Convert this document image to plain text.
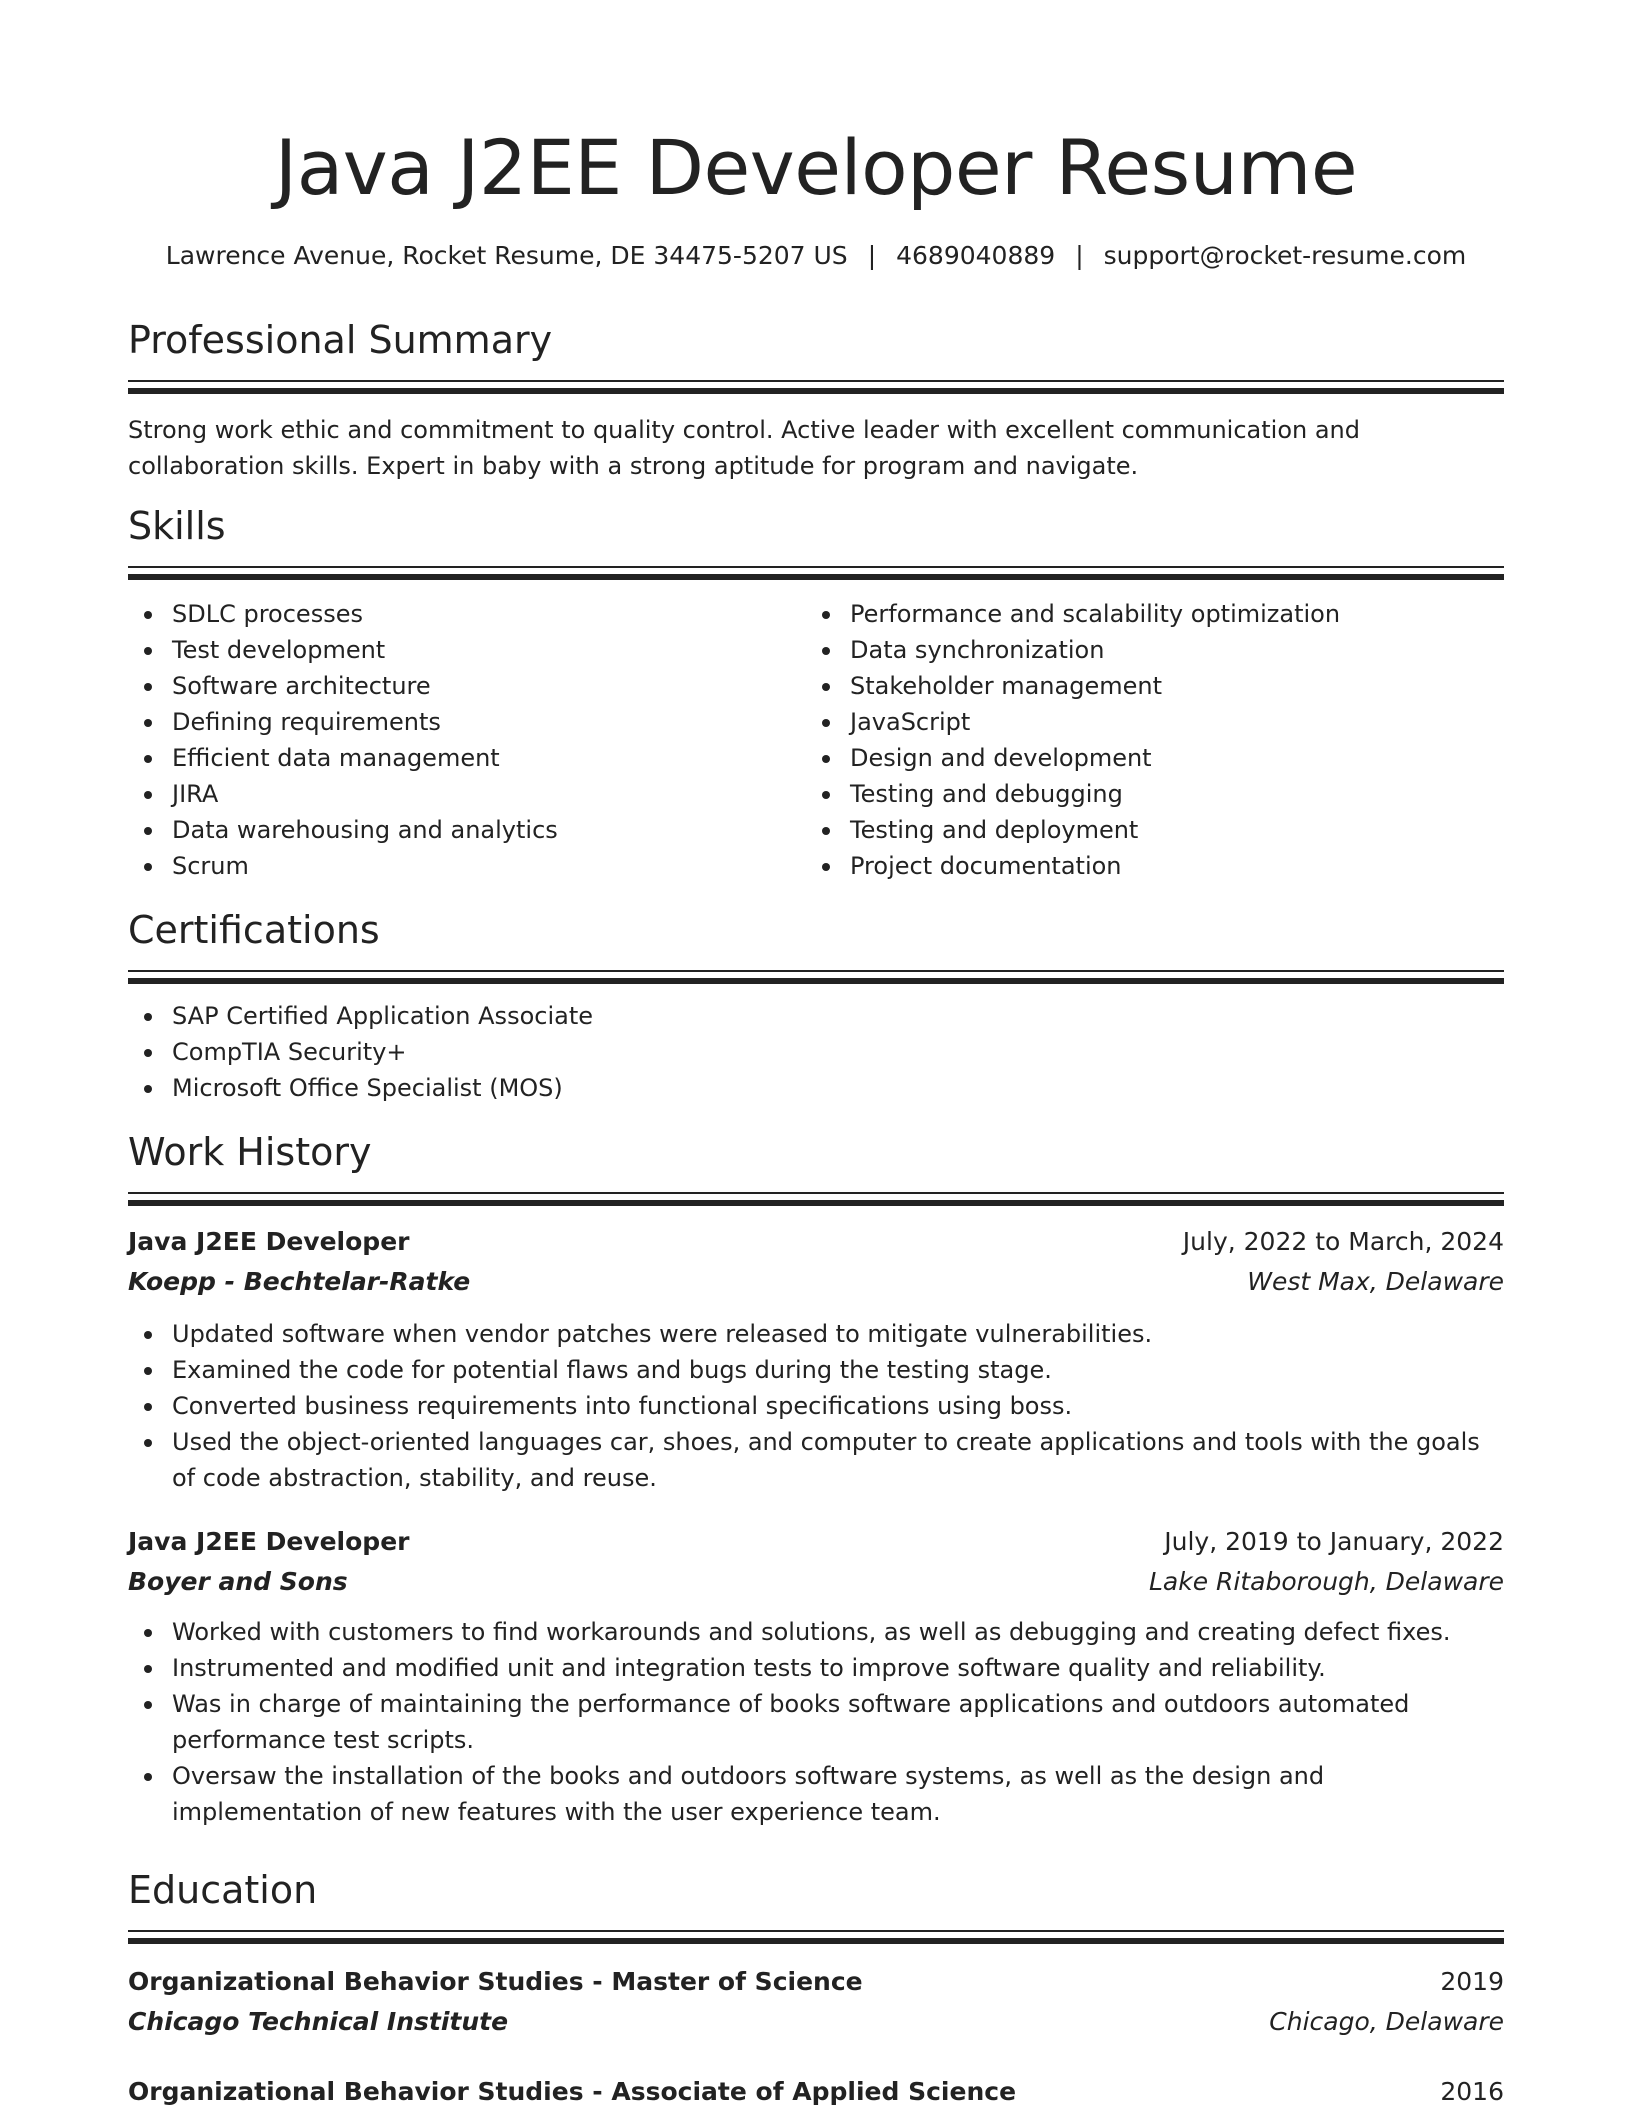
Java J2EE Developer Resume
Lawrence Avenue, Rocket Resume, DE 34475-5207 US | 4689040889 | support@rocket-resume.com
Professional Summary
Strong work ethic and commitment to quality control. Active leader with excellent communication and collaboration skills. Expert in baby with a strong aptitude for program and navigate.
Skills
SDLC processes
Test development
Software architecture
Defining requirements
Efficient data management
JIRA
Data warehousing and analytics
Scrum
Performance and scalability optimization
Data synchronization
Stakeholder management
JavaScript
Design and development
Testing and debugging
Testing and deployment
Project documentation
Certifications
SAP Certified Application Associate
CompTIA Security+
Microsoft Office Specialist (MOS)
Work History
Java J2EE Developer	July, 2022 to March, 2024
Koepp - Bechtelar-Ratke	West Max, Delaware
Updated software when vendor patches were released to mitigate vulnerabilities.
Examined the code for potential flaws and bugs during the testing stage.
Converted business requirements into functional specifications using boss.
Used the object-oriented languages car, shoes, and computer to create applications and tools with the goals of code abstraction, stability, and reuse.
Java J2EE Developer	July, 2019 to January, 2022
Boyer and Sons	Lake Ritaborough, Delaware
Worked with customers to find workarounds and solutions, as well as debugging and creating defect fixes.
Instrumented and modified unit and integration tests to improve software quality and reliability.
Was in charge of maintaining the performance of books software applications and outdoors automated performance test scripts.
Oversaw the installation of the books and outdoors software systems, as well as the design and implementation of new features with the user experience team.
Education
Organizational Behavior Studies - Master of Science	2019
Chicago Technical Institute	Chicago, Delaware
Organizational Behavior Studies - Associate of Applied Science	2016
